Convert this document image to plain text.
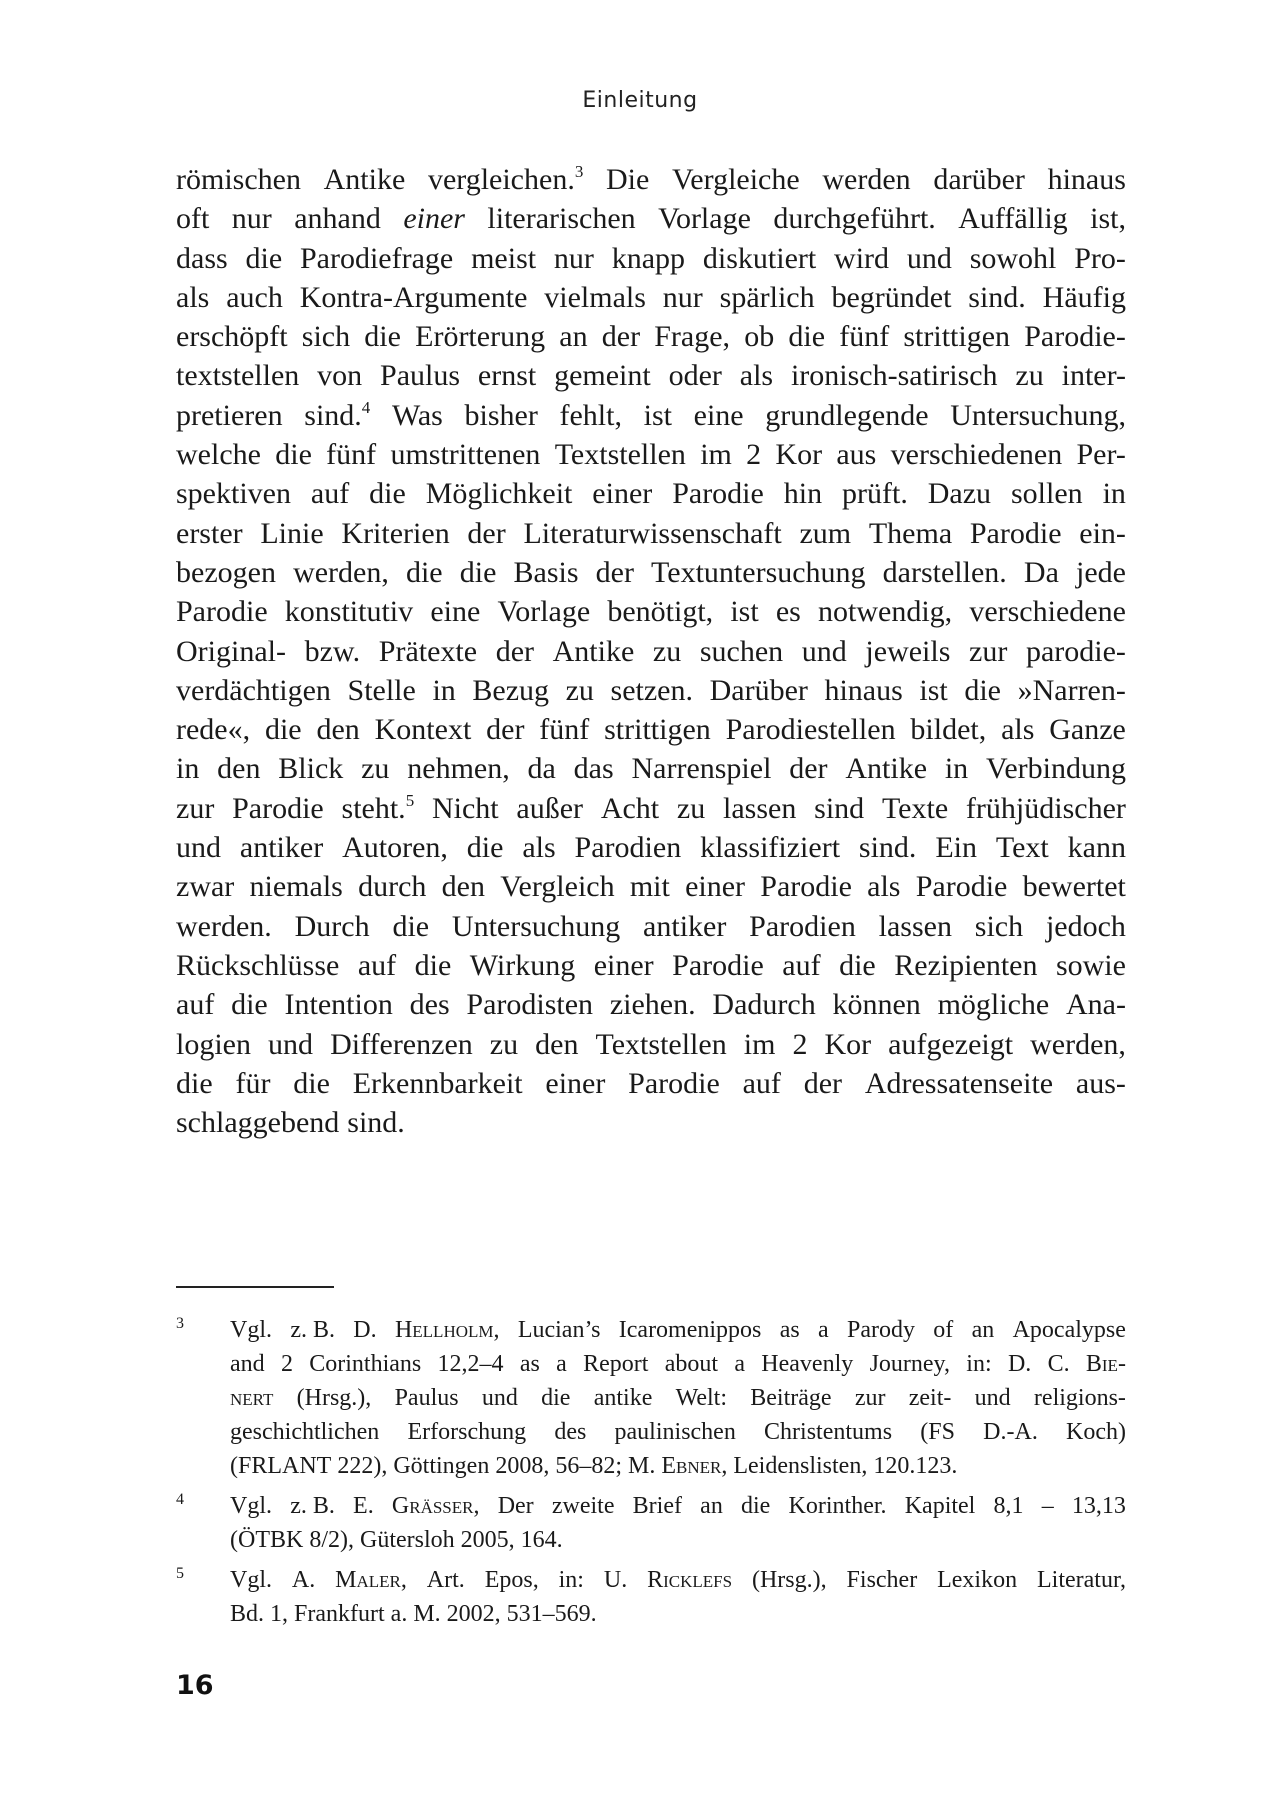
Einleitung
römischen Antike vergleichen.$^3$ Die Vergleiche werden darüber hinaus
oft nur anhand einer literarischen Vorlage durchgeführt. Auffällig ist,
dass die Parodiefrage meist nur knapp diskutiert wird und sowohl Pro-
als auch Kontra-Argumente vielmals nur spärlich begründet sind. Häufig
erschöpft sich die Erörterung an der Frage, ob die fünf strittigen Parodie-
textstellen von Paulus ernst gemeint oder als ironisch-satirisch zu inter-
pretieren sind.$^4$ Was bisher fehlt, ist eine grundlegende Untersuchung,
welche die fünf umstrittenen Textstellen im 2 Kor aus verschiedenen Per-
spektiven auf die Möglichkeit einer Parodie hin prüft. Dazu sollen in
erster Linie Kriterien der Literaturwissenschaft zum Thema Parodie ein-
bezogen werden, die die Basis der Textuntersuchung darstellen. Da jede
Parodie konstitutiv eine Vorlage benötigt, ist es notwendig, verschiedene
Original- bzw. Prätexte der Antike zu suchen und jeweils zur parodie-
verdächtigen Stelle in Bezug zu setzen. Darüber hinaus ist die »Narren-
rede«, die den Kontext der fünf strittigen Parodiestellen bildet, als Ganze
in den Blick zu nehmen, da das Narrenspiel der Antike in Verbindung
zur Parodie steht.$^5$ Nicht außer Acht zu lassen sind Texte frühjüdischer
und antiker Autoren, die als Parodien klassifiziert sind. Ein Text kann
zwar niemals durch den Vergleich mit einer Parodie als Parodie bewertet
werden. Durch die Untersuchung antiker Parodien lassen sich jedoch
Rückschlüsse auf die Wirkung einer Parodie auf die Rezipienten sowie
auf die Intention des Parodisten ziehen. Dadurch können mögliche Ana-
logien und Differenzen zu den Textstellen im 2 Kor aufgezeigt werden,
die für die Erkennbarkeit einer Parodie auf der Adressatenseite aus-
schlaggebend sind.
3 Vgl. z. B. D. Hellholm, Lucian’s Icaromenippos as a Parody of an Apocalypse
and 2 Corinthians 12,2–4 as a Report about a Heavenly Journey, in: D. C. Bie-
nert (Hrsg.), Paulus und die antike Welt: Beiträge zur zeit- und religions-
geschichtlichen Erforschung des paulinischen Christentums (FS D.-A. Koch)
(FRLANT 222), Göttingen 2008, 56–82; M. Ebner, Leidenslisten, 120.123.
4 Vgl. z. B. E. Grässer, Der zweite Brief an die Korinther. Kapitel 8,1 – 13,13
(ÖTBK 8/2), Gütersloh 2005, 164.
5 Vgl. A. Maler, Art. Epos, in: U. Ricklefs (Hrsg.), Fischer Lexikon Literatur,
Bd. 1, Frankfurt a. M. 2002, 531–569.
16
